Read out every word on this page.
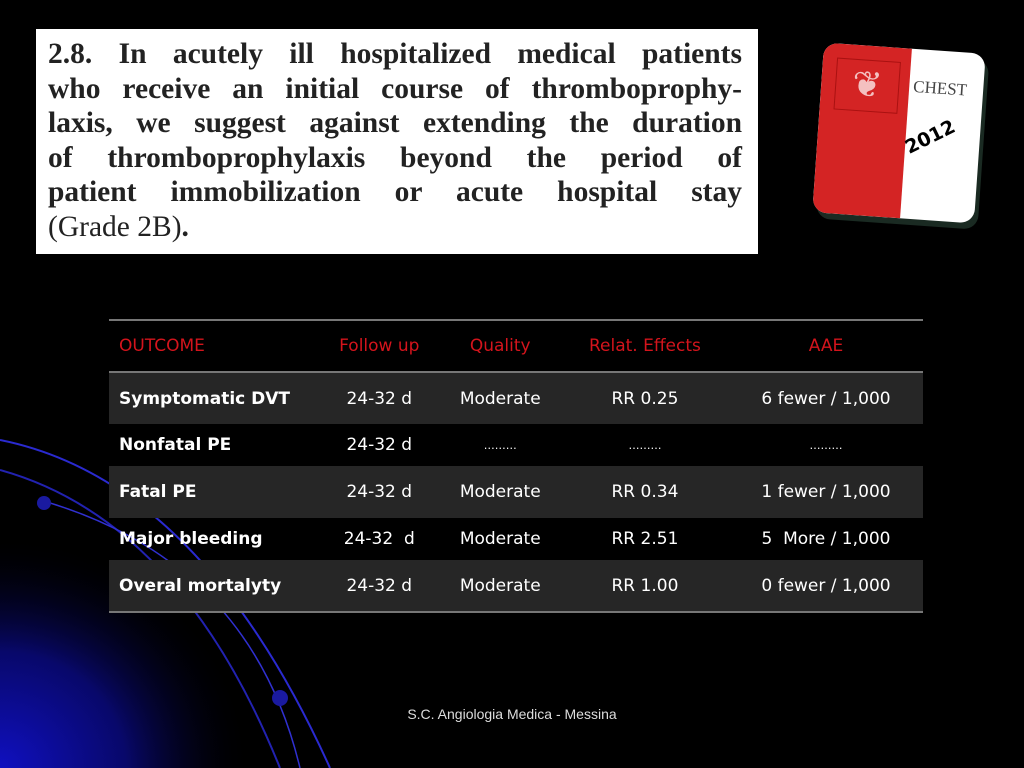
2.8. In acutely ill hospitalized medical patients
who receive an initial course of thromboprophy-
laxis, we suggest against extending the duration
of thromboprophylaxis beyond the period of
patient immobilization or acute hospital stay
(Grade 2B).
❦	CHEST
2012
OUTCOME	Follow up	Quality	Relat. Effects	AAE
Symptomatic DVT	24-32 d	Moderate	RR 0.25	6 fewer / 1,000
Nonfatal PE	24-32 d	………	………	………
Fatal PE	24-32 d	Moderate	RR 0.34	1 fewer / 1,000
Major bleeding	24-32  d	Moderate	RR 2.51	5  More / 1,000
Overal mortalyty	24-32 d	Moderate	RR 1.00	0 fewer / 1,000
S.C. Angiologia Medica - Messina
